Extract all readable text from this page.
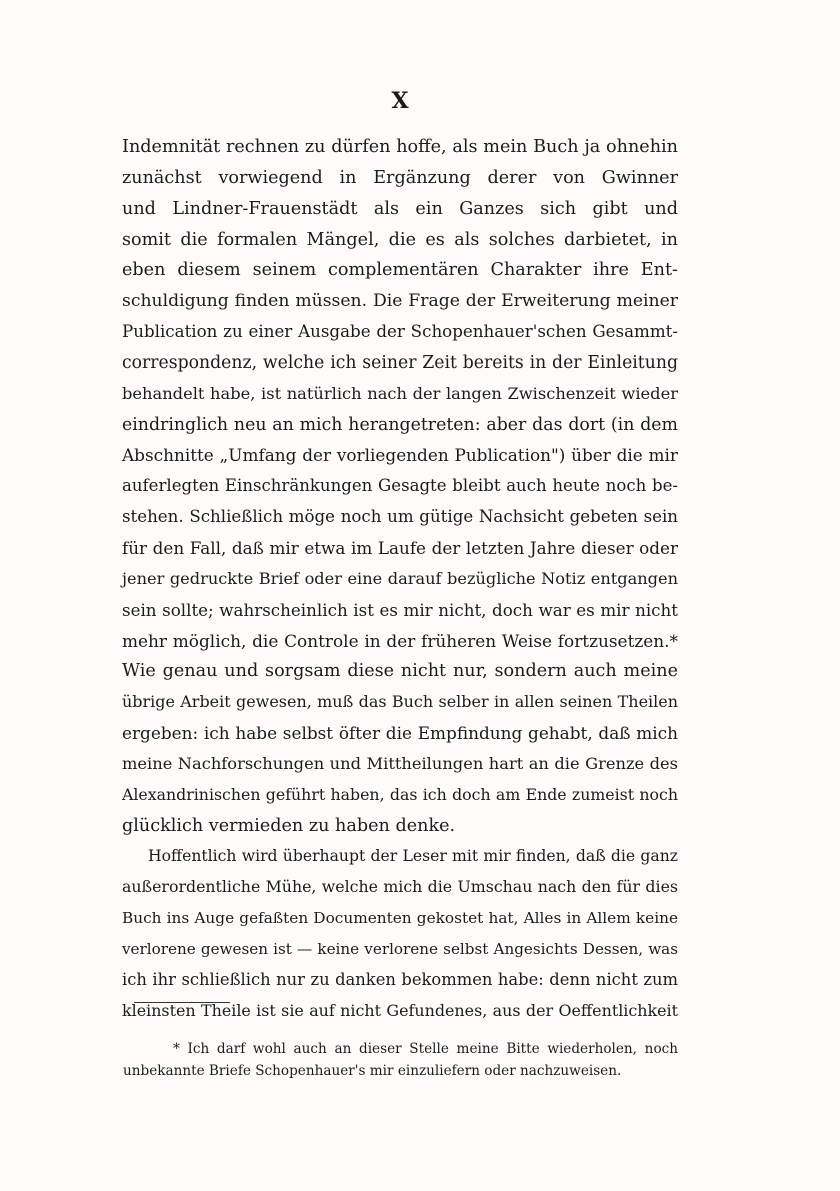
X
Indemnität rechnen zu dürfen hoffe, als mein Buch ja ohnehin
zunächst vorwiegend in Ergänzung derer von Gwinner
und Lindner-Frauenstädt als ein Ganzes sich gibt und
somit die formalen Mängel, die es als solches darbietet, in
eben diesem seinem complementären Charakter ihre Ent-
schuldigung finden müssen. Die Frage der Erweiterung meiner
Publication zu einer Ausgabe der Schopenhauer'schen Gesammt-
correspondenz, welche ich seiner Zeit bereits in der Einleitung
behandelt habe, ist natürlich nach der langen Zwischenzeit wieder
eindringlich neu an mich herangetreten: aber das dort (in dem
Abschnitte „Umfang der vorliegenden Publication") über die mir
auferlegten Einschränkungen Gesagte bleibt auch heute noch be-
stehen. Schließlich möge noch um gütige Nachsicht gebeten sein
für den Fall, daß mir etwa im Laufe der letzten Jahre dieser oder
jener gedruckte Brief oder eine darauf bezügliche Notiz entgangen
sein sollte; wahrscheinlich ist es mir nicht, doch war es mir nicht
mehr möglich, die Controle in der früheren Weise fortzusetzen.*
Wie genau und sorgsam diese nicht nur, sondern auch meine
übrige Arbeit gewesen, muß das Buch selber in allen seinen Theilen
ergeben: ich habe selbst öfter die Empfindung gehabt, daß mich
meine Nachforschungen und Mittheilungen hart an die Grenze des
Alexandrinischen geführt haben, das ich doch am Ende zumeist noch
glücklich vermieden zu haben denke.
Hoffentlich wird überhaupt der Leser mit mir finden, daß die ganz
außerordentliche Mühe, welche mich die Umschau nach den für dies
Buch ins Auge gefaßten Documenten gekostet hat, Alles in Allem keine
verlorene gewesen ist — keine verlorene selbst Angesichts Dessen, was
ich ihr schließlich nur zu danken bekommen habe: denn nicht zum
kleinsten Theile ist sie auf nicht Gefundenes, aus der Oeffentlichkeit
* Ich darf wohl auch an dieser Stelle meine Bitte wiederholen, noch
unbekannte Briefe Schopenhauer's mir einzuliefern oder nachzuweisen.
